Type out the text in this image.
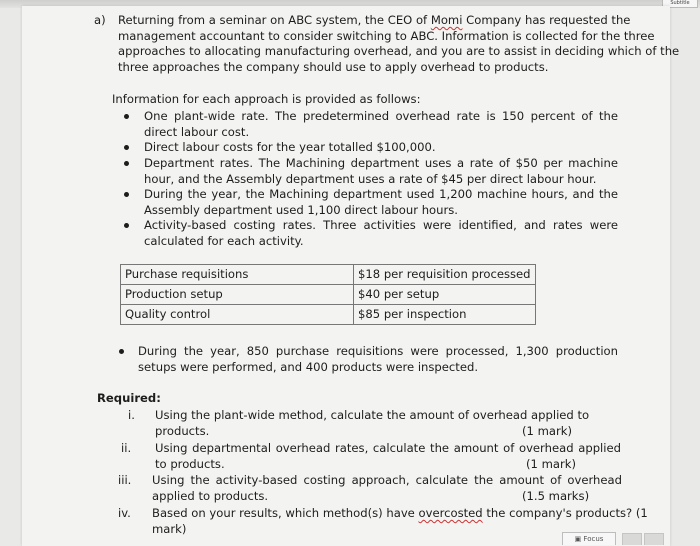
Subtitle
a) Returning from a seminar on ABC system, the CEO of Momi Company has requested the
management accountant to consider switching to ABC. Information is collected for the three
approaches to allocating manufacturing overhead, and you are to assist in deciding which of the
three approaches the company should use to apply overhead to products.
Information for each approach is provided as follows:
One plant-wide rate. The predetermined overhead rate is 150 percent of the direct labour cost.
Direct labour costs for the year totalled $100,000.
Department rates. The Machining department uses a rate of $50 per machine hour, and the Assembly department uses a rate of $45 per direct labour hour.
During the year, the Machining department used 1,200 machine hours, and the Assembly department used 1,100 direct labour hours.
Activity-based costing rates. Three activities were identified, and rates were calculated for each activity.
Purchase requisitions	$18 per requisition processed
Production setup	$40 per setup
Quality control	$85 per inspection
During the year, 850 purchase requisitions were processed, 1,300 production setups were performed, and 400 products were inspected.
Required:
i. Using the plant-wide method, calculate the amount of overhead applied to products.	(1 mark)
ii. Using departmental overhead rates, calculate the amount of overhead applied to products.	(1 mark)
iii. Using the activity-based costing approach, calculate the amount of overhead applied to products.	(1.5 marks)
iv. Based on your results, which method(s) have overcosted the company's products? (1
mark)
▣ Focus
